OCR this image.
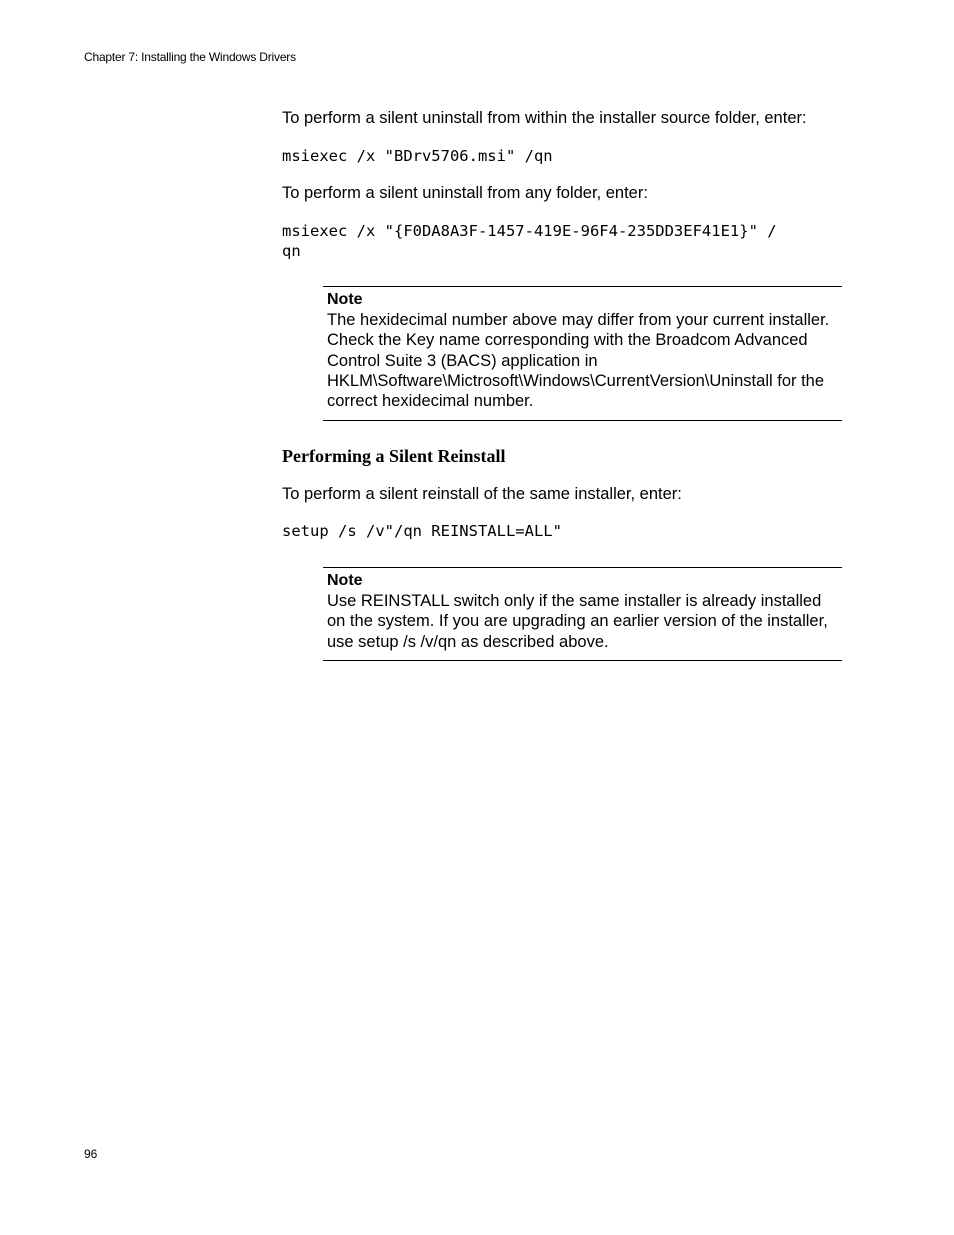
Chapter 7: Installing the Windows Drivers

To perform a silent uninstall from within the installer source folder, enter:

msiexec /x "BDrv5706.msi" /qn

To perform a silent uninstall from any folder, enter:

msiexec /x "{F0DA8A3F-1457-419E-96F4-235DD3EF41E1}" /

qn

Note
The hexidecimal number above may differ from your current installer. Check the Key name corresponding with the Broadcom Advanced Control Suite 3 (BACS) application in HKLM\Software\Mictrosoft\Windows\CurrentVersion\Uninstall for the correct hexidecimal number.
Performing a Silent Reinstall

To perform a silent reinstall of the same installer, enter:

setup /s /v"/qn REINSTALL=ALL"

Note
Use REINSTALL switch only if the same installer is already installed on the system. If you are upgrading an earlier version of the installer, use setup /s /v/qn as described above.
96
